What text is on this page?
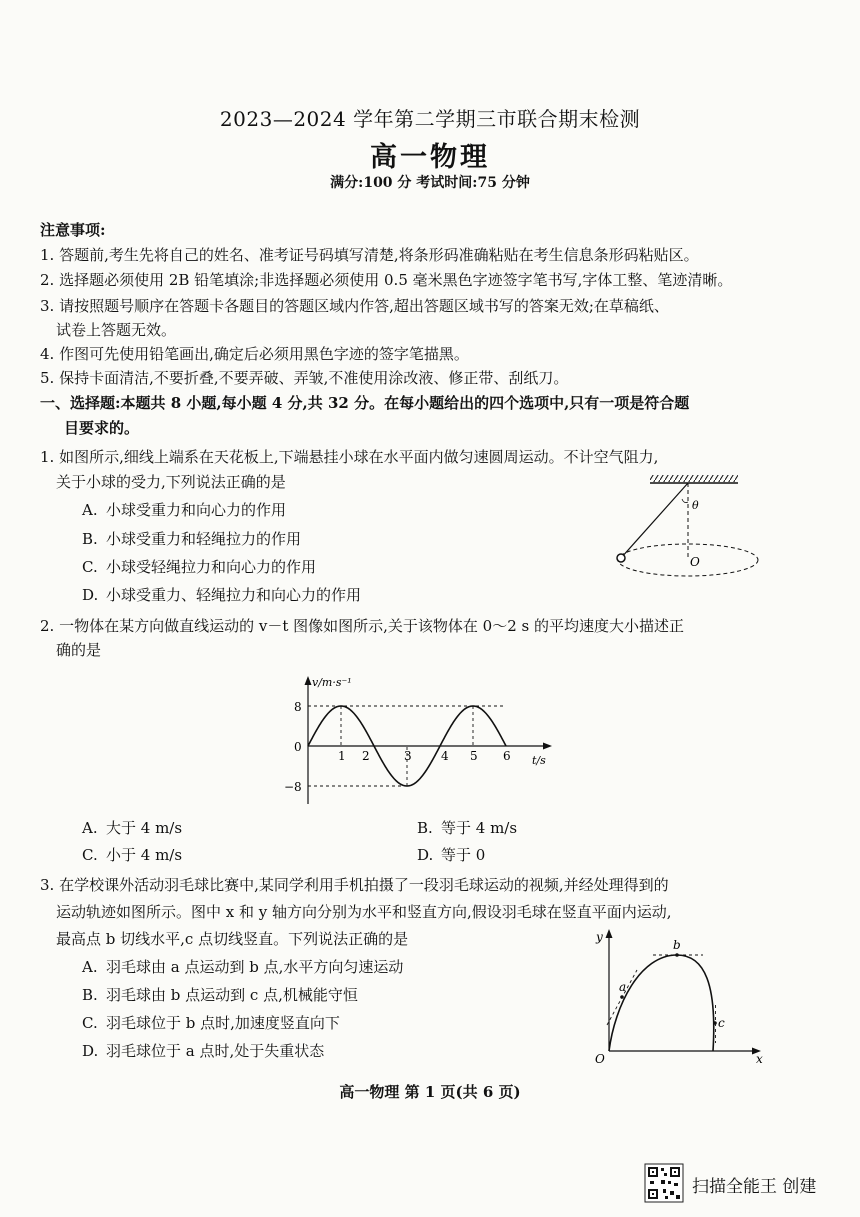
2023—2024 学年第二学期三市联合期末检测
高一物理
满分:100 分 考试时间:75 分钟
注意事项:
1. 答题前,考生先将自己的姓名、准考证号码填写清楚,将条形码准确粘贴在考生信息条形码粘贴区。
2. 选择题必须使用 2B 铅笔填涂;非选择题必须使用 0.5 毫米黑色字迹签字笔书写,字体工整、笔迹清晰。
3. 请按照题号顺序在答题卡各题目的答题区域内作答,超出答题区域书写的答案无效;在草稿纸、
试卷上答题无效。
4. 作图可先使用铅笔画出,确定后必须用黑色字迹的签字笔描黑。
5. 保持卡面清洁,不要折叠,不要弄破、弄皱,不准使用涂改液、修正带、刮纸刀。
一、选择题:本题共 8 小题,每小题 4 分,共 32 分。在每小题给出的四个选项中,只有一项是符合题
目要求的。
1. 如图所示,细线上端系在天花板上,下端悬挂小球在水平面内做匀速圆周运动。不计空气阻力,
关于小球的受力,下列说法正确的是
A. 小球受重力和向心力的作用
B. 小球受重力和轻绳拉力的作用
C. 小球受轻绳拉力和向心力的作用
D. 小球受重力、轻绳拉力和向心力的作用
θ
O
2. 一物体在某方向做直线运动的 v－t 图像如图所示,关于该物体在 0～2 s 的平均速度大小描述正
确的是
v/m·s⁻¹
t/s
0
8
−8
1 2	3 4 5 6
A. 大于 4 m/s	B. 等于 4 m/s
C. 小于 4 m/s	D. 等于 0
3. 在学校课外活动羽毛球比赛中,某同学利用手机拍摄了一段羽毛球运动的视频,并经处理得到的
运动轨迹如图所示。图中 x 和 y 轴方向分别为水平和竖直方向,假设羽毛球在竖直平面内运动,
最高点 b 切线水平,c 点切线竖直。下列说法正确的是
A. 羽毛球由 a 点运动到 b 点,水平方向匀速运动
B. 羽毛球由 b 点运动到 c 点,机械能守恒
C. 羽毛球位于 b 点时,加速度竖直向下
D. 羽毛球位于 a 点时,处于失重状态
y
x
O
a
b
c
高一物理 第 1 页(共 6 页)
扫描全能王 创建
